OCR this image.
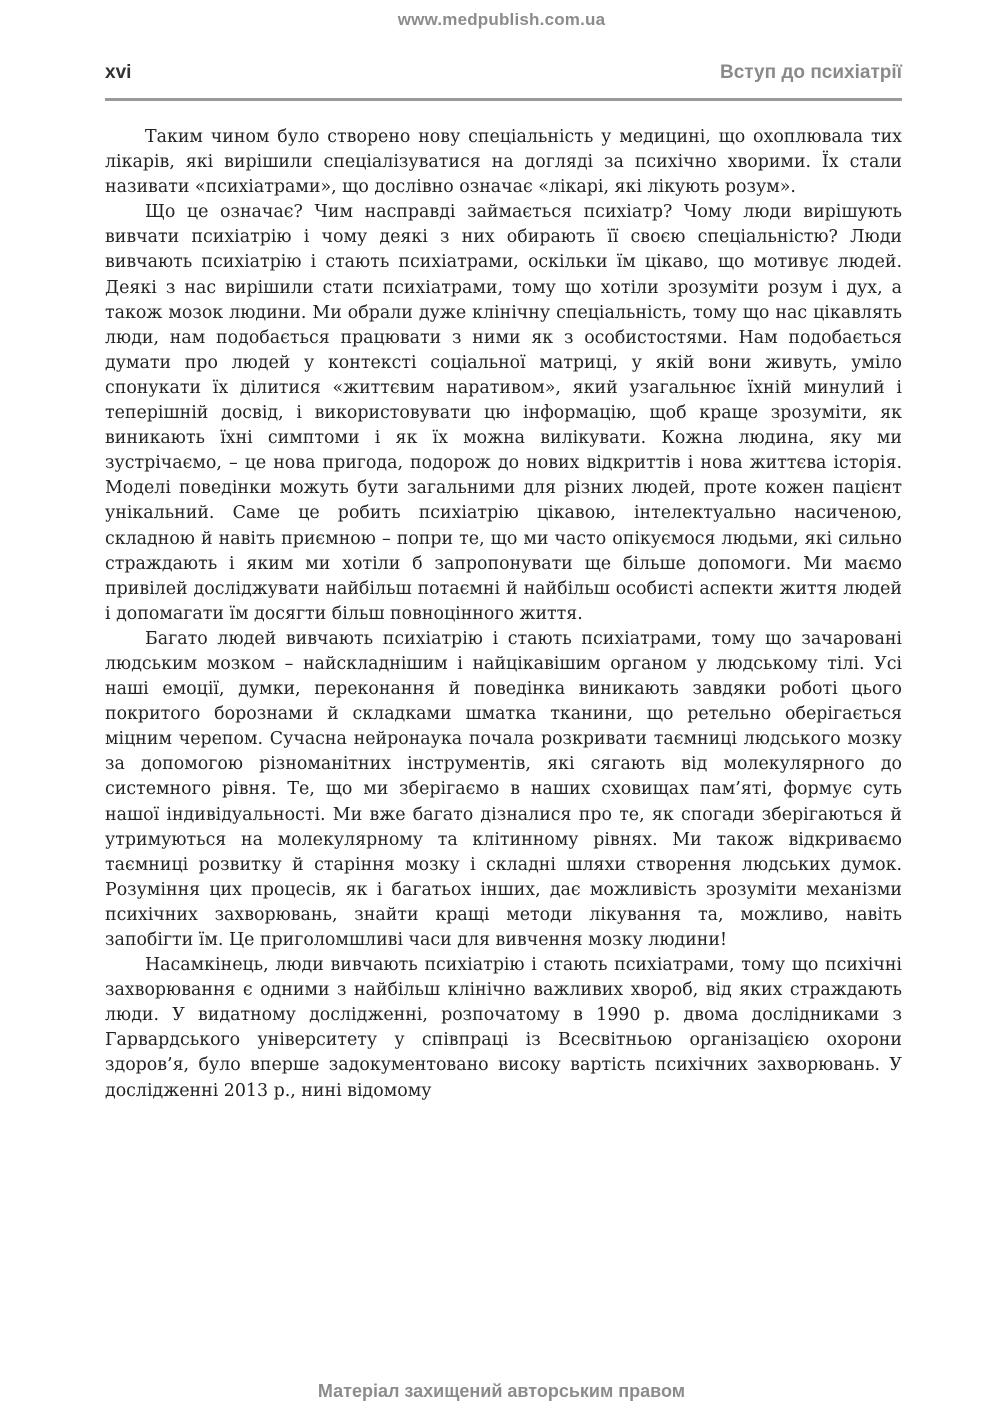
www.medpublish.com.ua
xvi	Вступ до психіатрії

Таким чином було створено нову спеціальність у медицині, що охоплювала тих лікарів, які вирішили спеціалізуватися на догляді за психічно хворими. Їх стали називати «психіатрами», що дослівно означає «лікарі, які лікують розум».

Що це означає? Чим насправді займається психіатр? Чому люди вирішують вивчати психіатрію і чому деякі з них обирають її своєю спеціальністю? Люди вивчають психіатрію і стають психіатрами, оскільки їм цікаво, що мотивує людей. Деякі з нас вирішили стати психіатрами, тому що хотіли зрозуміти розум і дух, а також мозок людини. Ми обрали дуже клінічну спеціальність, тому що нас цікавлять люди, нам подобається працювати з ними як з особистостями. Нам подобається думати про людей у контексті соціальної матриці, у якій вони живуть, уміло спонукати їх ділитися «життєвим наративом», який узагальнює їхній минулий і теперішній досвід, і використовувати цю інформацію, щоб краще зрозуміти, як виникають їхні симптоми і як їх можна вилікувати. Кожна людина, яку ми зустрічаємо, – це нова пригода, подорож до нових відкриттів і нова життєва історія. Моделі поведінки можуть бути загальними для різних людей, проте кожен пацієнт унікальний. Саме це робить психіатрію цікавою, інтелектуально насиченою, складною й навіть приємною – попри те, що ми часто опікуємося людьми, які сильно страждають і яким ми хотіли б запропонувати ще більше допомоги. Ми маємо привілей досліджувати найбільш потаємні й найбільш особисті аспекти життя людей і допомагати їм досягти більш повноцінного життя.

Багато людей вивчають психіатрію і стають психіатрами, тому що зачаровані людським мозком – найскладнішим і найцікавішим органом у людському тілі. Усі наші емоції, думки, переконання й поведінка виникають завдяки роботі цього покритого борознами й складками шматка тканини, що ретельно оберігається міцним черепом. Сучасна нейронаука почала розкривати таємниці людського мозку за допомогою різноманітних інструментів, які сягають від молекулярного до системного рівня. Те, що ми зберігаємо в наших сховищах пам’яті, формує суть нашої індивідуальності. Ми вже багато дізналися про те, як спогади зберігаються й утримуються на молекулярному та клітинному рівнях. Ми також відкриваємо таємниці розвитку й старіння мозку і складні шляхи створення людських думок. Розуміння цих процесів, як і багатьох інших, дає можливість зрозуміти механізми психічних захворювань, знайти кращі методи лікування та, можливо, навіть запобігти їм. Це приголомшливі часи для вивчення мозку людини!

Насамкінець, люди вивчають психіатрію і стають психіатрами, тому що психічні захворювання є одними з найбільш клінічно важливих хвороб, від яких страждають люди. У видатному дослідженні, розпочатому в 1990 р. двома дослідниками з Гарвардського університету у співпраці із Всесвітньою організацією охорони здоров’я, було вперше задокументовано високу вартість психічних захворювань. У дослідженні 2013 р., нині відомому

Матеріал захищений авторським правом
